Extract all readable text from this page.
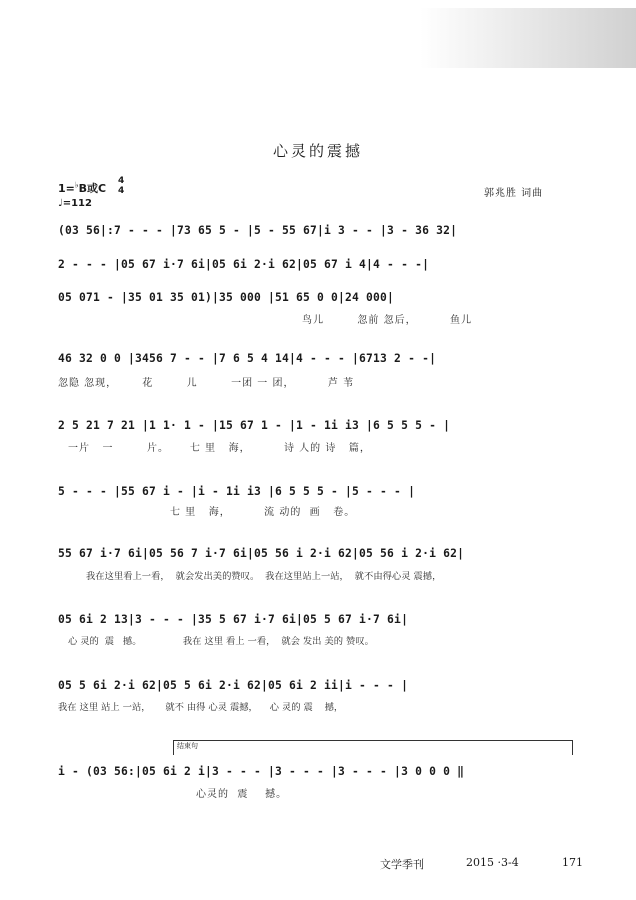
心灵的震撼
1=♭B或C
4
4
♩=112
郭兆胜 词曲
(03 56|:7 - - - |73 65 5 - |5 - 55 67|i 3 - - |3 - 36 32|
2 - - - |05 67 i·7 6i|05 6i 2·i 62|05 67 i 4|4 - - -|
05 071 - |35 01 35 01)|35 000 |51 65 0 0|24 000|
鸟儿        忽前 忽后，        鱼儿
46 32 0 0 |3456 7 - - |7 6 5 4 14|4 - - - |6713 2 - -|
忽隐 忽现，      花        儿        一团 一 团，        芦 苇
2 5 21 7 21 |1 1· 1 - |15 67 1 - |1 - 1i i3 |6 5 5 5 - |
一片   一        片。     七 里   海，        诗 人的 诗   篇，
5 - - - |55 67 i - |i - 1i i3 |6 5 5 5 - |5 - - - |
七 里   海，        流 动的  画   卷。
55 67 i·7 6i|05 56 7 i·7 6i|05 56 i 2·i 62|05 56 i 2·i 62|
我在这里看上一看，  就会发出美的赞叹。  我在这里站上一站，  就不由得心灵 震撼，
05 6i 2 13|3 - - - |35 5 67 i·7 6i|05 5 67 i·7 6i|
心 灵的  震   撼。              我在 这里 看上 一看，  就会 发出 美的 赞叹。
05 5 6i 2·i 62|05 5 6i 2·i 62|05 6i 2 ii|i - - - |
我在 这里 站上 一站，     就不 由得 心灵 震撼，    心 灵的 震    撼，
结束句
i - (03 56:|05 6i 2 i|3 - - - |3 - - - |3 - - - |3 0 0 0 ‖
心灵的  震    撼。
文学季刊	2015 ·3-4	171
